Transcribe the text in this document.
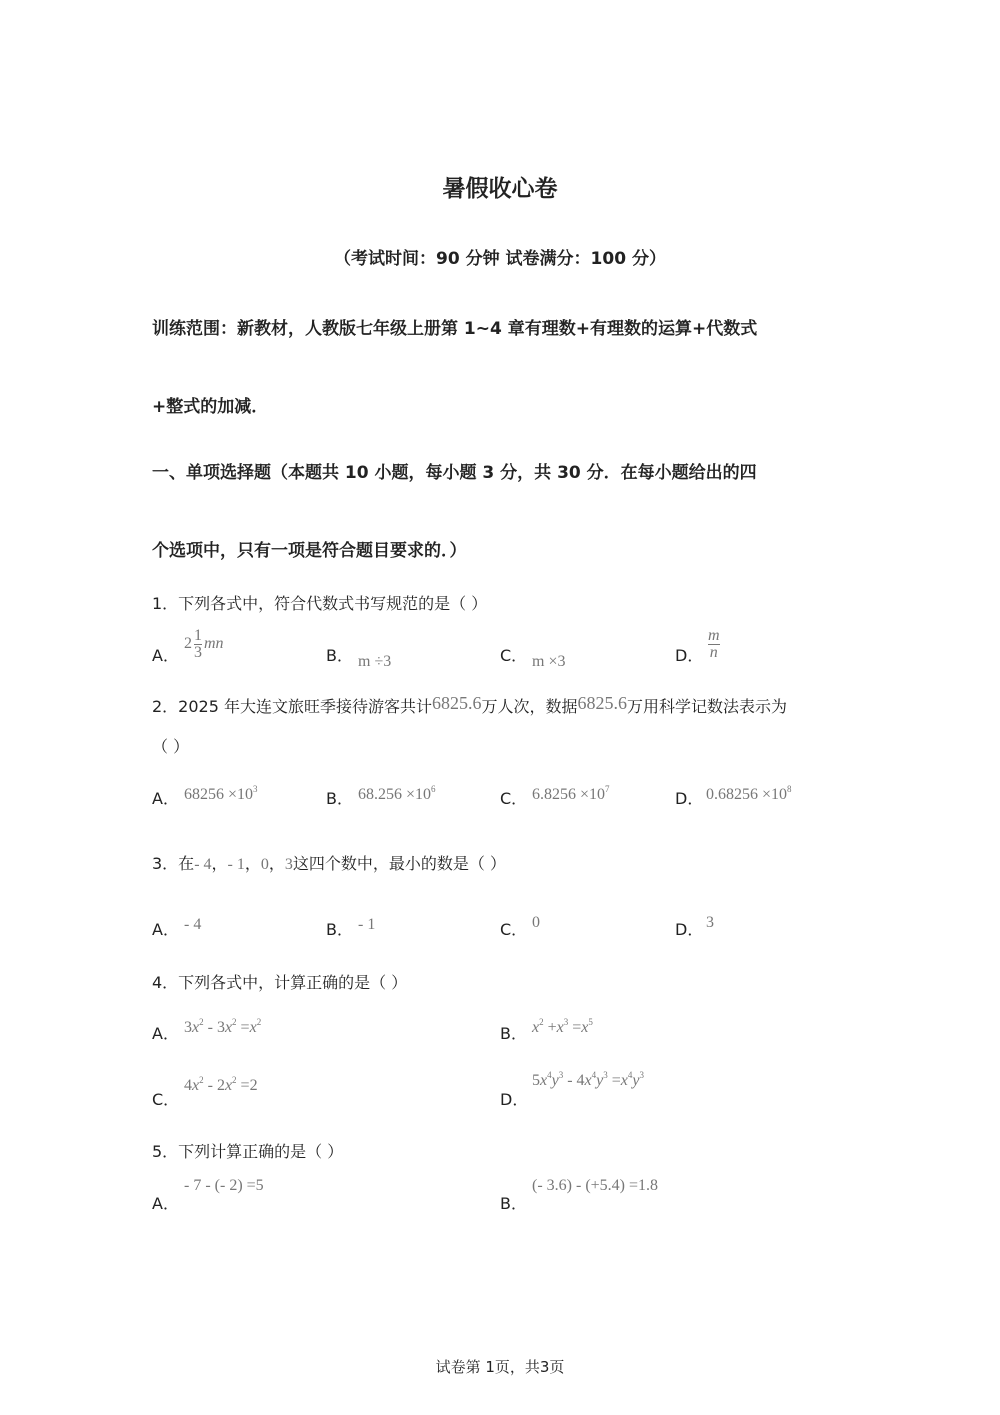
暑假收心卷
（考试时间：90 分钟 试卷满分：100 分）
训练范围：新教材，人教版七年级上册第 1~4 章有理数+有理数的运算+代数式
+整式的加减．
一、单项选择题（本题共 10 小题，每小题 3 分，共 30 分．在每小题给出的四
个选项中，只有一项是符合题目要求的．）
1．下列各式中，符合代数式书写规范的是（ ）
A．
$2 \frac{1}{3}$ mn
B． m ÷3	C． m ×3	D． $\frac{m}{n}$
2．2025 年大连文旅旺季接待游客共计6825.6万人次，数据6825.6万用科学记数法表示为
（ ）
A． $68256 \times 10^3$	B． $68.256 \times 10^6$	C． $6.8256 \times 10^7$	D． $0.68256 \times 10^8$
3．在- 4，- 1，0，3这四个数中，最小的数是（ ）
A． - 4	B． - 1	C． 0	D． 3
4．下列各式中，计算正确的是（ ）
A． $3x^2 - 3x^2 =x^2$
B． $x^2 +x^3 =x^5$
C．
$4x^2 - 2x^2 =2$
D．
$5x^4y^3 - 4x^4y^3 =x^4y^3$
5．下列计算正确的是（ ）
A．
- 7 - (- 2) =5
B．
(- 3.6) - (+5.4) =1.8
试卷第 1页，共3页
